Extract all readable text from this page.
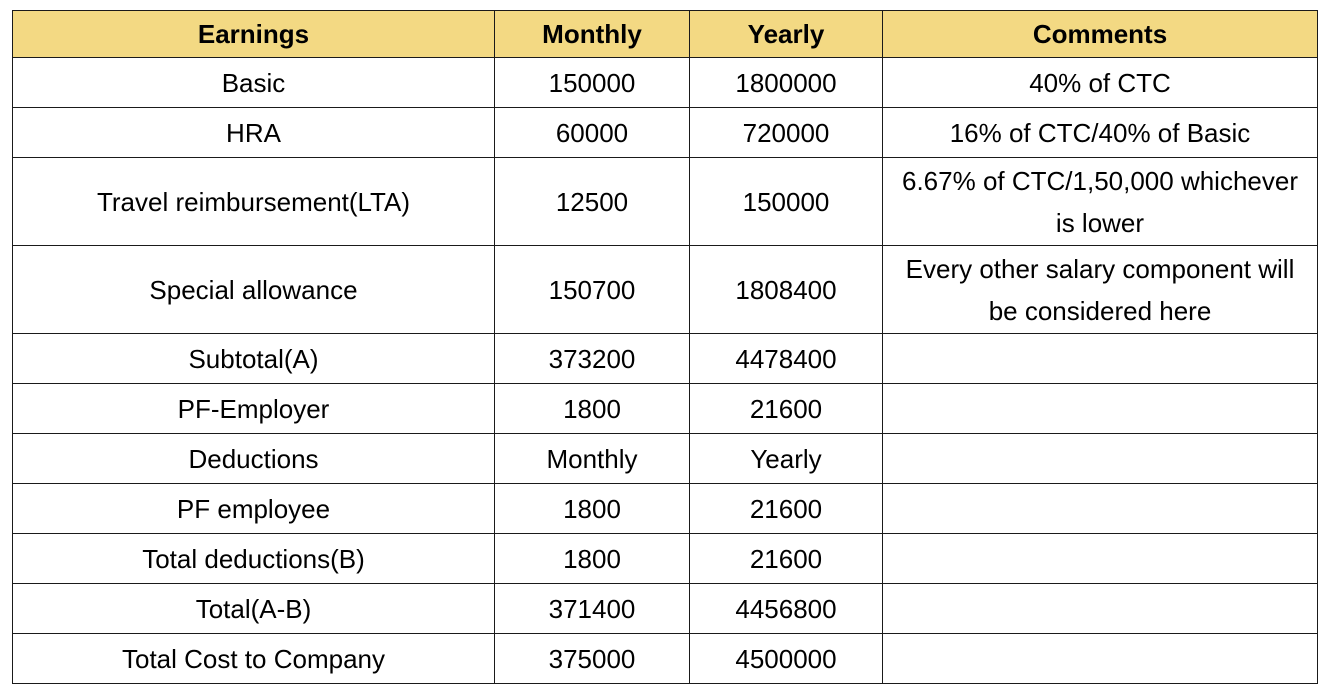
Earnings	Monthly	Yearly	Comments
Basic	150000	1800000	40% of CTC
HRA	60000	720000	16% of CTC/40% of Basic
Travel reimbursement(LTA)	12500	150000	6.67% of CTC/1,50,000 whichever is lower
Special allowance	150700	1808400	Every other salary component will be considered here
Subtotal(A)	373200	4478400	
PF-Employer	1800	21600	
Deductions	Monthly	Yearly	
PF employee	1800	21600	
Total deductions(B)	1800	21600	
Total(A-B)	371400	4456800	
Total Cost to Company	375000	4500000	
